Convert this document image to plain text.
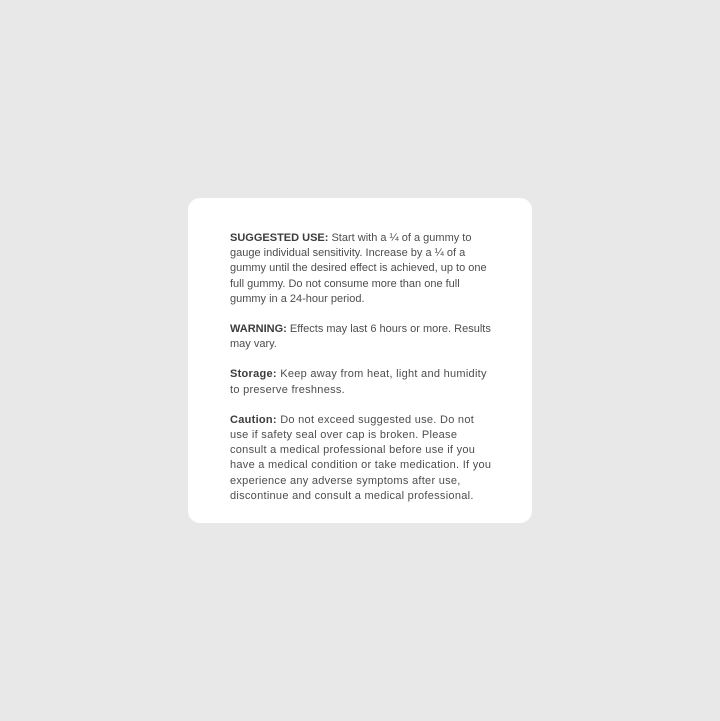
SUGGESTED USE: Start with a ¼ of a gummy to gauge individual sensitivity. Increase by a ¼ of a gummy until the desired effect is achieved, up to one full gummy. Do not consume more than one full gummy in a 24-hour period.

WARNING: Effects may last 6 hours or more. Results may vary.

Storage: Keep away from heat, light and humidity to preserve freshness.

Caution: Do not exceed suggested use. Do not use if safety seal over cap is broken. Please consult a medical professional before use if you have a medical condition or take medication. If you experience any adverse symptoms after use, discontinue and consult a medical professional.
